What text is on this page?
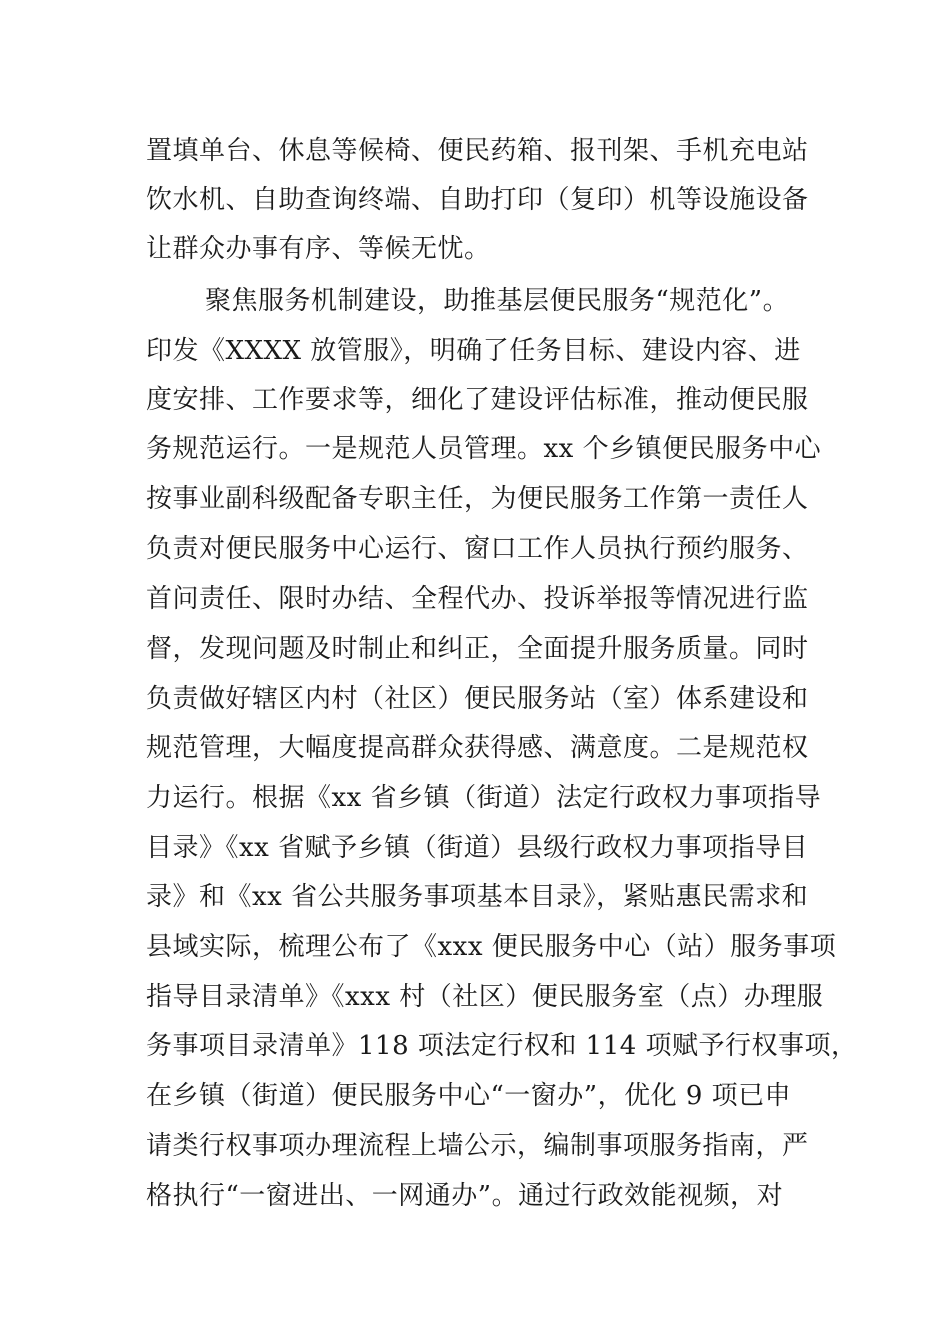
置填单台、休息等候椅、便民药箱、报刊架、手机充电站
饮水机、自助查询终端、自助打印（复印）机等设施设备
让群众办事有序、等候无忧。
聚焦服务机制建设，助推基层便民服务“规范化”。
印发《XXXX 放管服》，明确了任务目标、建设内容、进
度安排、工作要求等，细化了建设评估标准，推动便民服
务规范运行。一是规范人员管理。xx 个乡镇便民服务中心
按事业副科级配备专职主任，为便民服务工作第一责任人
负责对便民服务中心运行、窗口工作人员执行预约服务、
首问责任、限时办结、全程代办、投诉举报等情况进行监
督，发现问题及时制止和纠正，全面提升服务质量。同时
负责做好辖区内村（社区）便民服务站（室）体系建设和
规范管理，大幅度提高群众获得感、满意度。二是规范权
力运行。根据《xx 省乡镇（街道）法定行政权力事项指导
目录》《xx 省赋予乡镇（街道）县级行政权力事项指导目
录》和《xx 省公共服务事项基本目录》，紧贴惠民需求和
县域实际，梳理公布了《xxx 便民服务中心（站）服务事项
指导目录清单》《xxx 村（社区）便民服务室（点）办理服
务事项目录清单》118 项法定行权和 114 项赋予行权事项，
在乡镇（街道）便民服务中心“一窗办”，优化 9 项已申
请类行权事项办理流程上墙公示，编制事项服务指南，严
格执行“一窗进出、一网通办”。通过行政效能视频，对
